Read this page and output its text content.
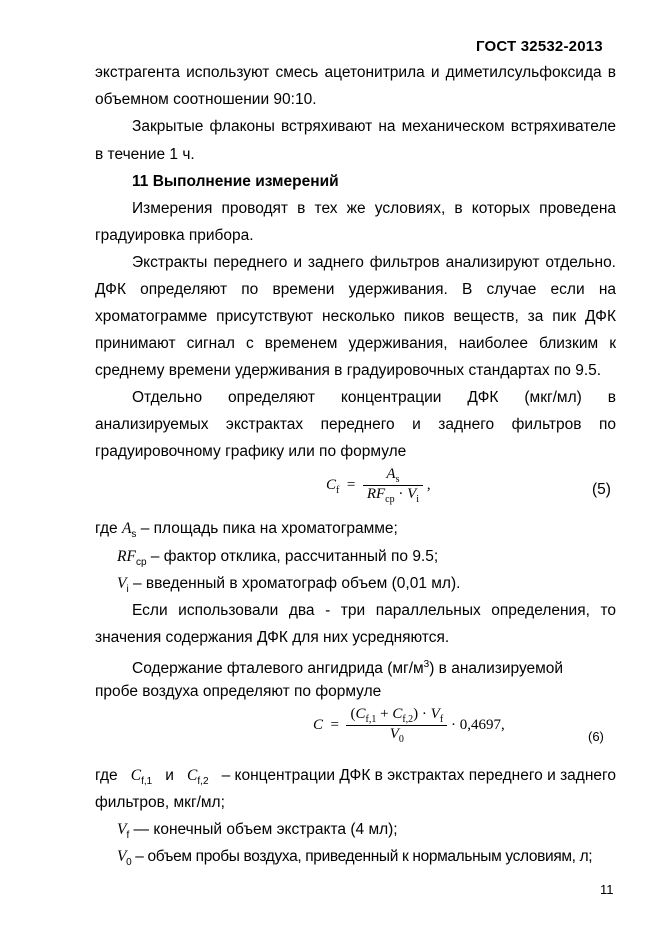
ГОСТ 32532-2013
экстрагента используют смесь ацетонитрила и диметилсульфоксида в
объемном соотношении 90:10.
Закрытые флаконы встряхивают на механическом встряхивателе
в течение 1 ч.
11 Выполнение измерений
Измерения проводят в тех же условиях, в которых проведена
градуировка прибора.
Экстракты переднего и заднего фильтров анализируют отдельно.
ДФК определяют по времени удерживания. В случае если на
хроматограмме присутствуют несколько пиков веществ, за пик ДФК
принимают сигнал с временем удерживания, наиболее близким к
среднему времени удерживания в градуировочных стандартах по 9.5.
Отдельно определяют концентрации ДФК (мкг/мл) в
анализируемых экстрактах переднего и заднего фильтров по
градуировочному графику или по формуле
$C_f = \frac{A_s}{RF_{ср} \cdot V_i}$ ,	(5)
где $A_s$ – площадь пика на хроматограмме;
$RF_{ср}$ – фактор отклика, рассчитанный по 9.5;
$V_i$ – введенный в хроматограф объем (0,01 мл).
Если использовали два - три параллельных определения, то
значения содержания ДФК для них усредняются.
Содержание фталевого ангидрида $(мг/м^3)$ в анализируемой
пробе воздуха определяют по формуле
$C = \frac{(C_{f,1} + C_{f,2}) \cdot V_f}{V_0} \cdot 0,4697$,
(6)
где $C_{f,1}$ и $C_{f,2}$ – концентрации ДФК в экстрактах переднего и заднего
фильтров, мкг/мл;
$V_f$ — конечный объем экстракта (4 мл);
$V_0$ – объем пробы воздуха, приведенный к нормальным условиям, л;
11
